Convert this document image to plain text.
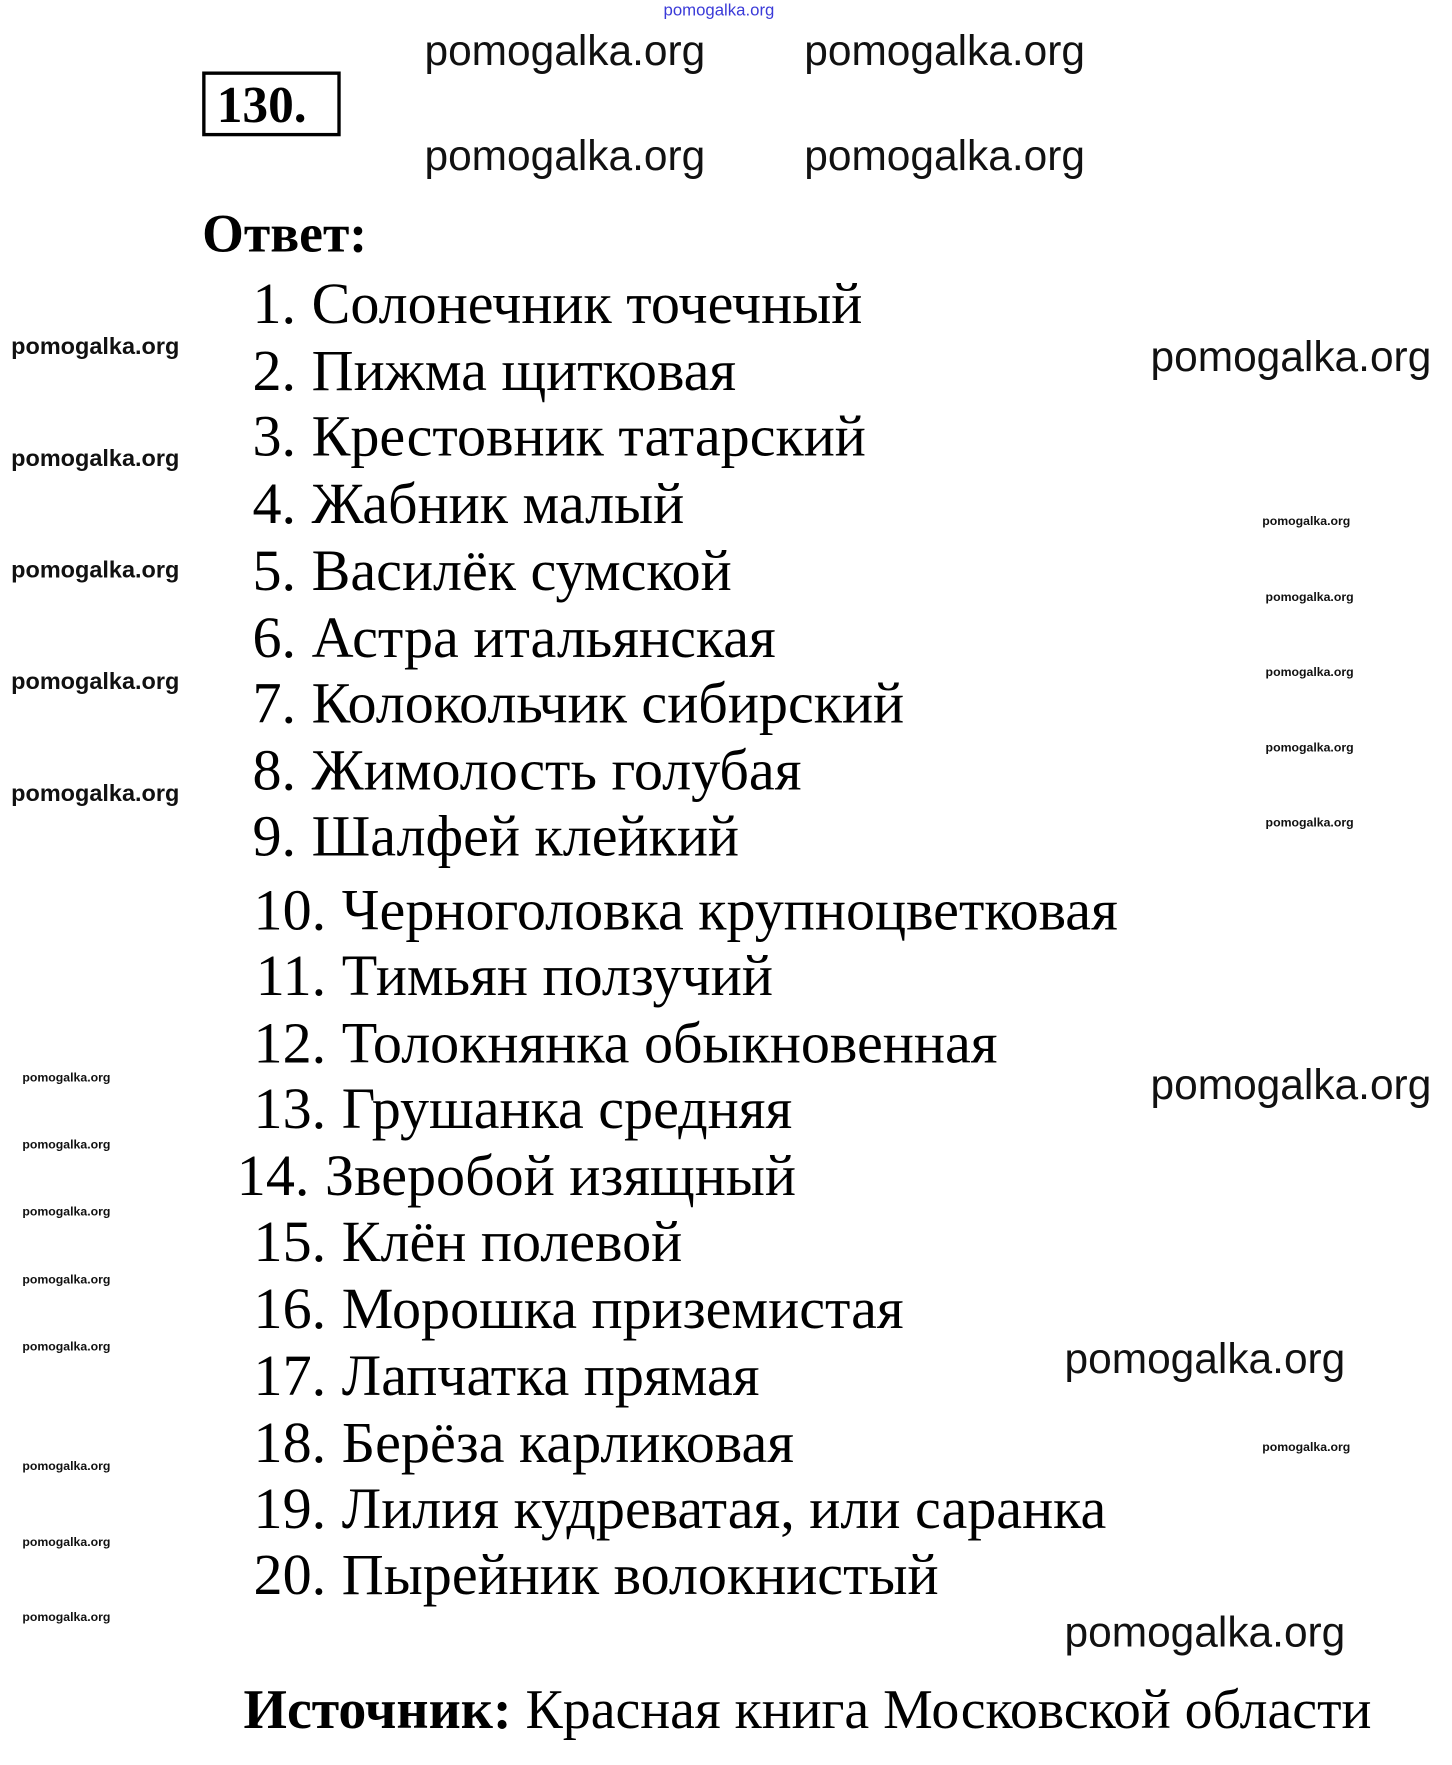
pomogalka.org
130.
Ответ:
1. Солонечник точечный
2. Пижма щитковая
3. Крестовник татарский
4. Жабник малый
5. Василёк сумской
6. Астра итальянская
7. Колокольчик сибирский
8. Жимолость голубая
9. Шалфей клейкий
10. Черноголовка крупноцветковая
11. Тимьян ползучий
12. Толокнянка обыкновенная
13. Грушанка средняя
14. Зверобой изящный
15. Клён полевой
16. Морошка приземистая
17. Лапчатка прямая
18. Берёза карликовая
19. Лилия кудреватая, или саранка
20. Пырейник волокнистый
Источник: Красная книга Московской области
pomogalka.org	pomogalka.org
pomogalka.org	pomogalka.org
pomogalka.org
pomogalka.org
pomogalka.org
pomogalka.org
pomogalka.org
pomogalka.org
pomogalka.org
pomogalka.org
pomogalka.org
pomogalka.org
pomogalka.org
pomogalka.org
pomogalka.org
pomogalka.org
pomogalka.org
pomogalka.org
pomogalka.org
pomogalka.org
pomogalka.org
pomogalka.org
pomogalka.org
pomogalka.org
pomogalka.org
